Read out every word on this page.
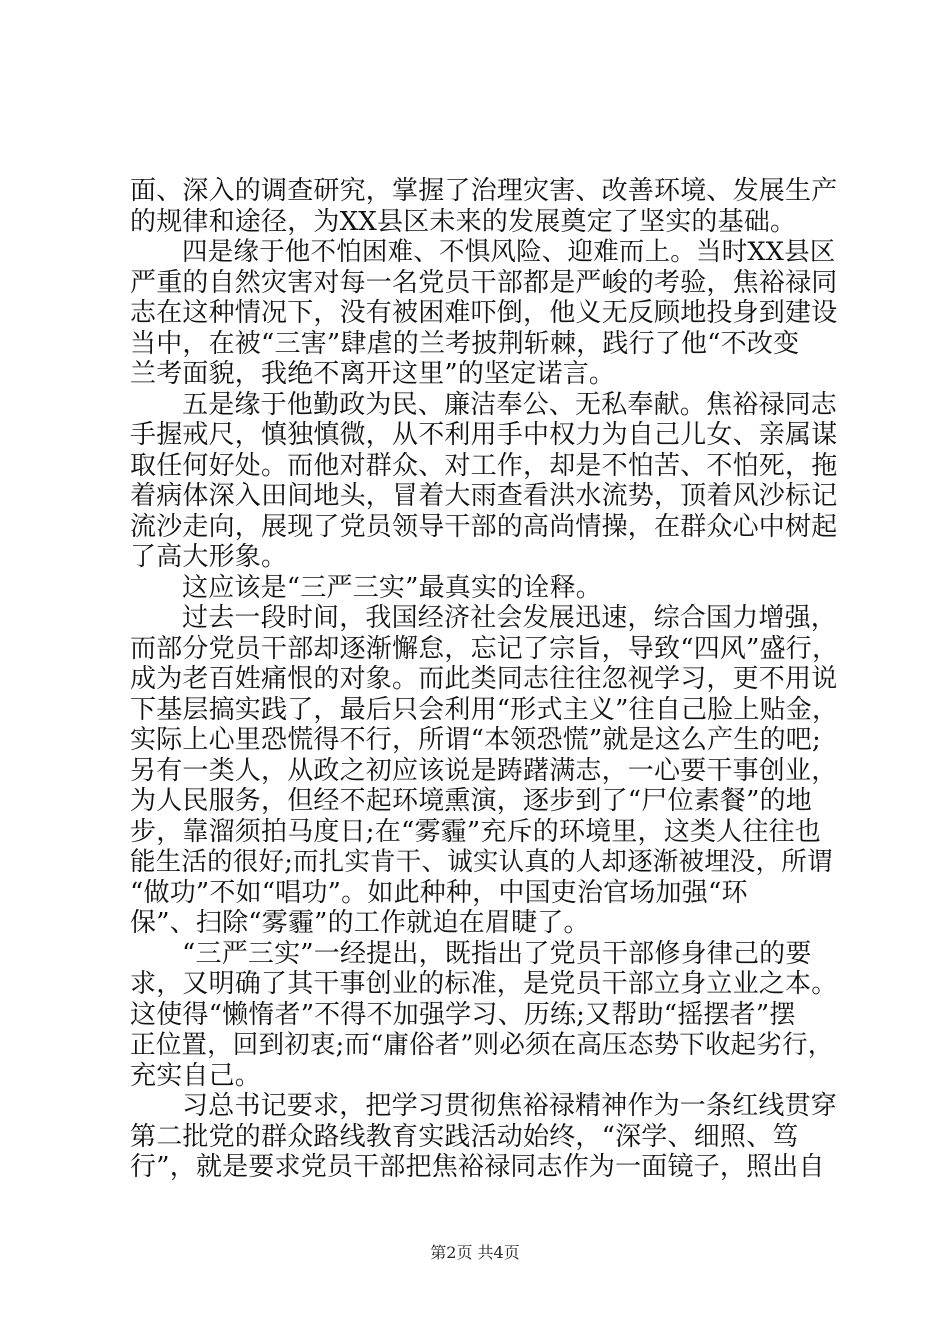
面、深入的调查研究，掌握了治理灾害、改善环境、发展生产
的规律和途径，为XX县区未来的发展奠定了坚实的基础。
四是缘于他不怕困难、不惧风险、迎难而上。当时XX县区
严重的自然灾害对每一名党员干部都是严峻的考验，焦裕禄同
志在这种情况下，没有被困难吓倒，他义无反顾地投身到建设
当中，在被“三害”肆虐的兰考披荆斩棘，践行了他“不改变
兰考面貌，我绝不离开这里”的坚定诺言。
五是缘于他勤政为民、廉洁奉公、无私奉献。焦裕禄同志
手握戒尺，慎独慎微，从不利用手中权力为自己儿女、亲属谋
取任何好处。而他对群众、对工作，却是不怕苦、不怕死，拖
着病体深入田间地头，冒着大雨查看洪水流势，顶着风沙标记
流沙走向，展现了党员领导干部的高尚情操，在群众心中树起
了高大形象。
这应该是“三严三实”最真实的诠释。
过去一段时间，我国经济社会发展迅速，综合国力增强，
而部分党员干部却逐渐懈怠，忘记了宗旨，导致“四风”盛行，
成为老百姓痛恨的对象。而此类同志往往忽视学习，更不用说
下基层搞实践了，最后只会利用“形式主义”往自己脸上贴金，
实际上心里恐慌得不行，所谓“本领恐慌”就是这么产生的吧;
另有一类人，从政之初应该说是踌躇满志，一心要干事创业，
为人民服务，但经不起环境熏演，逐步到了“尸位素餐”的地
步，靠溜须拍马度日;在“雾霾”充斥的环境里，这类人往往也
能生活的很好;而扎实肯干、诚实认真的人却逐渐被埋没，所谓
“做功”不如“唱功”。如此种种，中国吏治官场加强“环
保”、扫除“雾霾”的工作就迫在眉睫了。
“三严三实”一经提出，既指出了党员干部修身律己的要
求，又明确了其干事创业的标准，是党员干部立身立业之本。
这使得“懒惰者”不得不加强学习、历练;又帮助“摇摆者”摆
正位置，回到初衷;而“庸俗者”则必须在高压态势下收起劣行，
充实自己。
习总书记要求，把学习贯彻焦裕禄精神作为一条红线贯穿
第二批党的群众路线教育实践活动始终，“深学、细照、笃
行”，就是要求党员干部把焦裕禄同志作为一面镜子，照出自
第2页 共4页
